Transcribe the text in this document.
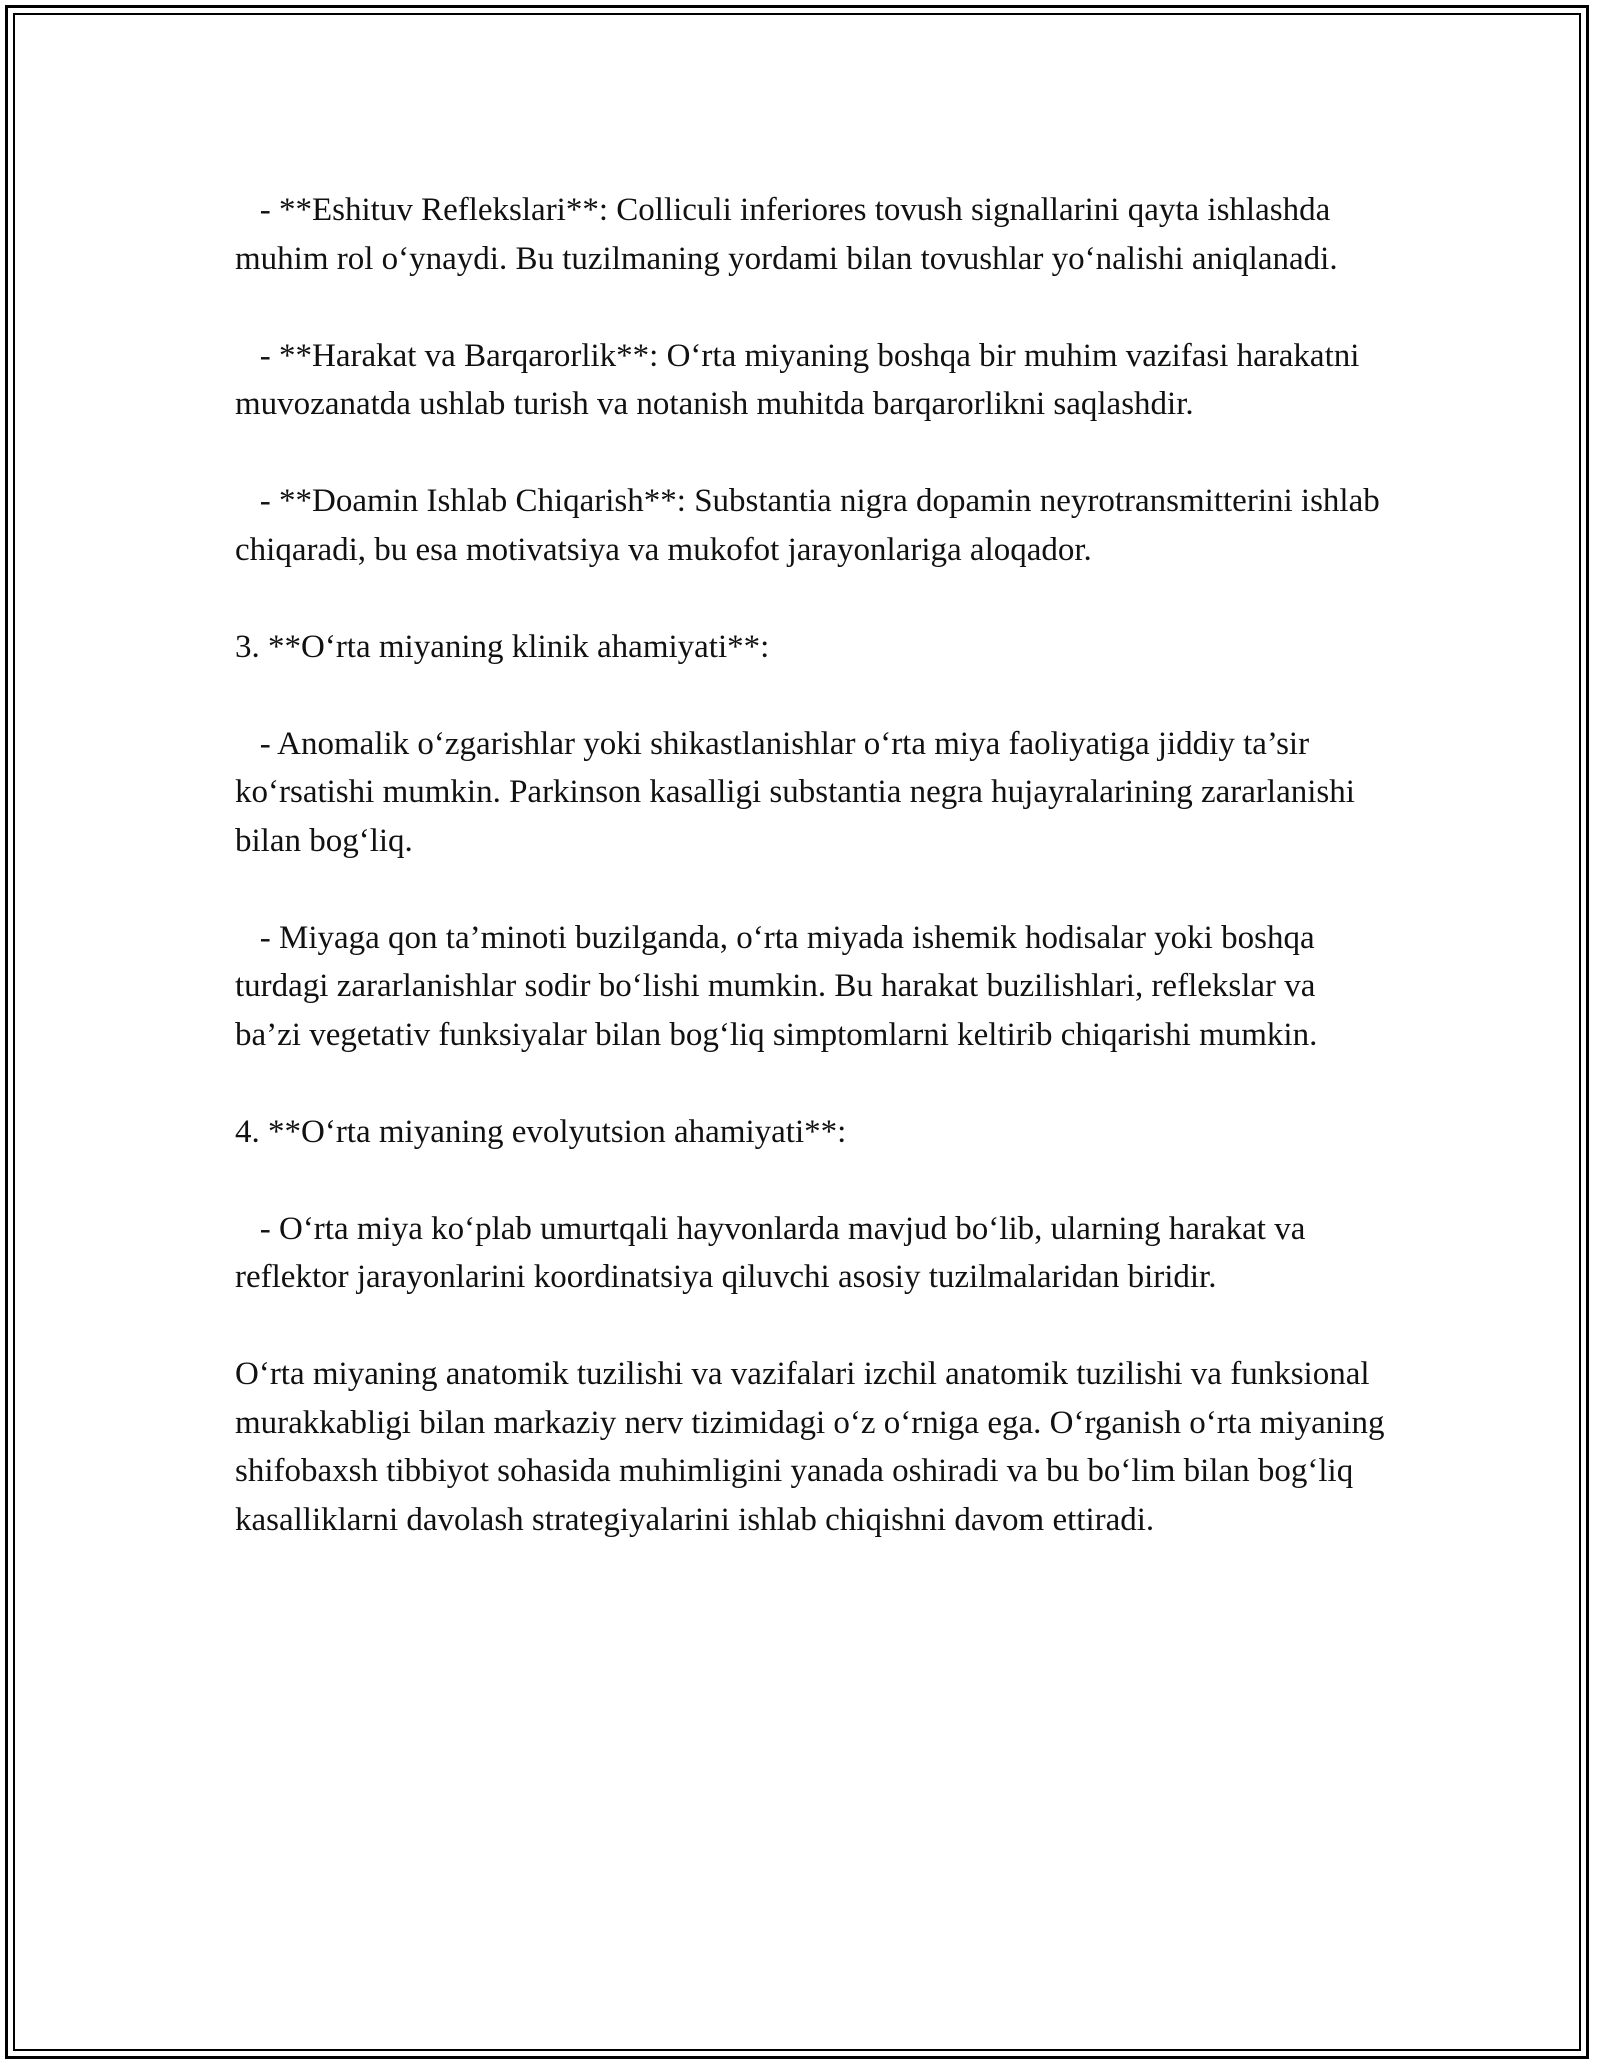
- **Eshituv Reflekslari**: Colliculi inferiores tovush signallarini qayta ishlashda muhim rol o‘ynaydi. Bu tuzilmaning yordami bilan tovushlar yo‘nalishi aniqlanadi.

- **Harakat va Barqarorlik**: O‘rta miyaning boshqa bir muhim vazifasi harakatni muvozanatda ushlab turish va notanish muhitda barqarorlikni saqlashdir.

- **Doamin Ishlab Chiqarish**: Substantia nigra dopamin neyrotransmitterini ishlab chiqaradi, bu esa motivatsiya va mukofot jarayonlariga aloqador.

3. **O‘rta miyaning klinik ahamiyati**:

- Anomalik o‘zgarishlar yoki shikastlanishlar o‘rta miya faoliyatiga jiddiy ta’sir ko‘rsatishi mumkin. Parkinson kasalligi substantia negra hujayralarining zararlanishi bilan bog‘liq.

- Miyaga qon ta’minoti buzilganda, o‘rta miyada ishemik hodisalar yoki boshqa turdagi zararlanishlar sodir bo‘lishi mumkin. Bu harakat buzilishlari, reflekslar va ba’zi vegetativ funksiyalar bilan bog‘liq simptomlarni keltirib chiqarishi mumkin.

4. **O‘rta miyaning evolyutsion ahamiyati**:

- O‘rta miya ko‘plab umurtqali hayvonlarda mavjud bo‘lib, ularning harakat va reflektor jarayonlarini koordinatsiya qiluvchi asosiy tuzilmalaridan biridir.

O‘rta miyaning anatomik tuzilishi va vazifalari izchil anatomik tuzilishi va funksional murakkabligi bilan markaziy nerv tizimidagi o‘z o‘rniga ega. O‘rganish o‘rta miyaning shifobaxsh tibbiyot sohasida muhimligini yanada oshiradi va bu bo‘lim bilan bog‘liq kasalliklarni davolash strategiyalarini ishlab chiqishni davom ettiradi.
